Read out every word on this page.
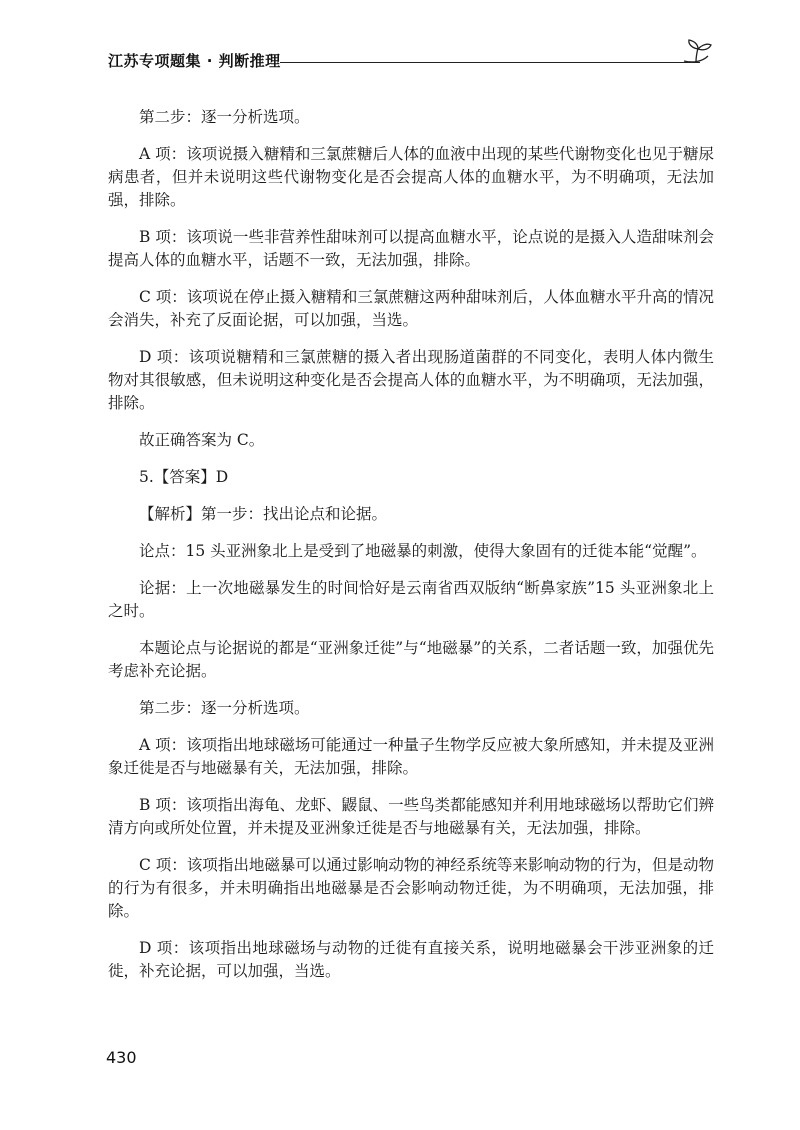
江苏专项题集 · 判断推理

第二步：逐一分析选项。

A 项：该项说摄入糖精和三氯蔗糖后人体的血液中出现的某些代谢物变化也见于糖尿病患者，但并未说明这些代谢物变化是否会提高人体的血糖水平，为不明确项，无法加强，排除。

B 项：该项说一些非营养性甜味剂可以提高血糖水平，论点说的是摄入人造甜味剂会提高人体的血糖水平，话题不一致，无法加强，排除。

C 项：该项说在停止摄入糖精和三氯蔗糖这两种甜味剂后，人体血糖水平升高的情况会消失，补充了反面论据，可以加强，当选。

D 项：该项说糖精和三氯蔗糖的摄入者出现肠道菌群的不同变化，表明人体内微生物对其很敏感，但未说明这种变化是否会提高人体的血糖水平，为不明确项，无法加强，排除。

故正确答案为 C。

5.【答案】D

【解析】第一步：找出论点和论据。

论点：15 头亚洲象北上是受到了地磁暴的刺激，使得大象固有的迁徙本能“觉醒”。

论据：上一次地磁暴发生的时间恰好是云南省西双版纳“断鼻家族”15 头亚洲象北上之时。

本题论点与论据说的都是“亚洲象迁徙”与“地磁暴”的关系，二者话题一致，加强优先考虑补充论据。

第二步：逐一分析选项。

A 项：该项指出地球磁场可能通过一种量子生物学反应被大象所感知，并未提及亚洲象迁徙是否与地磁暴有关，无法加强，排除。

B 项：该项指出海龟、龙虾、鼹鼠、一些鸟类都能感知并利用地球磁场以帮助它们辨清方向或所处位置，并未提及亚洲象迁徙是否与地磁暴有关，无法加强，排除。

C 项：该项指出地磁暴可以通过影响动物的神经系统等来影响动物的行为，但是动物的行为有很多，并未明确指出地磁暴是否会影响动物迁徙，为不明确项，无法加强，排除。

D 项：该项指出地球磁场与动物的迁徙有直接关系，说明地磁暴会干涉亚洲象的迁徙，补充论据，可以加强，当选。

430
